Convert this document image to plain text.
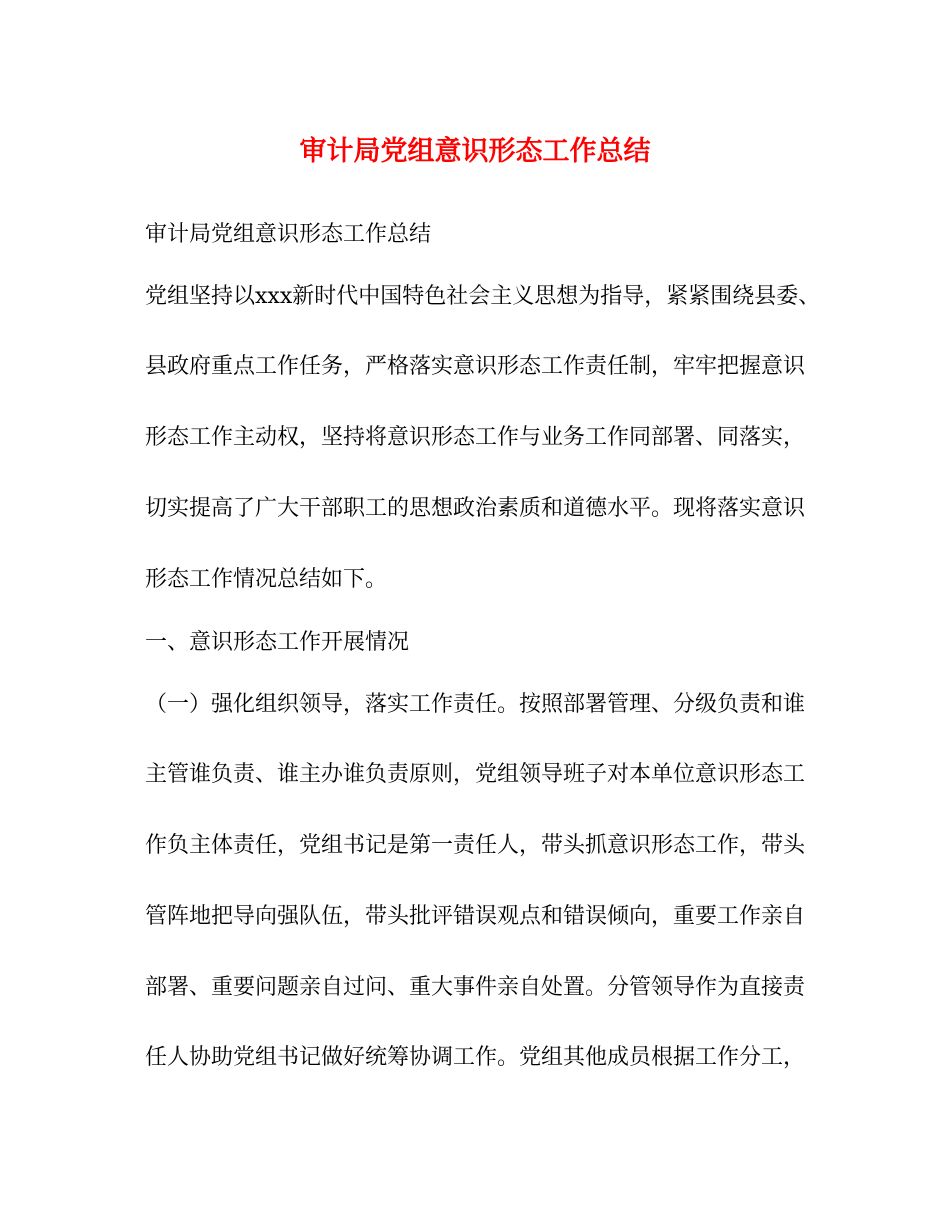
审计局党组意识形态工作总结
审计局党组意识形态工作总结
党组坚持以xxx新时代中国特色社会主义思想为指导，紧紧围绕县委、
县政府重点工作任务，严格落实意识形态工作责任制，牢牢把握意识
形态工作主动权，坚持将意识形态工作与业务工作同部署、同落实，
切实提高了广大干部职工的思想政治素质和道德水平。现将落实意识
形态工作情况总结如下。
一、意识形态工作开展情况
（一）强化组织领导，落实工作责任。按照部署管理、分级负责和谁
主管谁负责、谁主办谁负责原则，党组领导班子对本单位意识形态工
作负主体责任，党组书记是第一责任人，带头抓意识形态工作，带头
管阵地把导向强队伍，带头批评错误观点和错误倾向，重要工作亲自
部署、重要问题亲自过问、重大事件亲自处置。分管领导作为直接责
任人协助党组书记做好统筹协调工作。党组其他成员根据工作分工，
